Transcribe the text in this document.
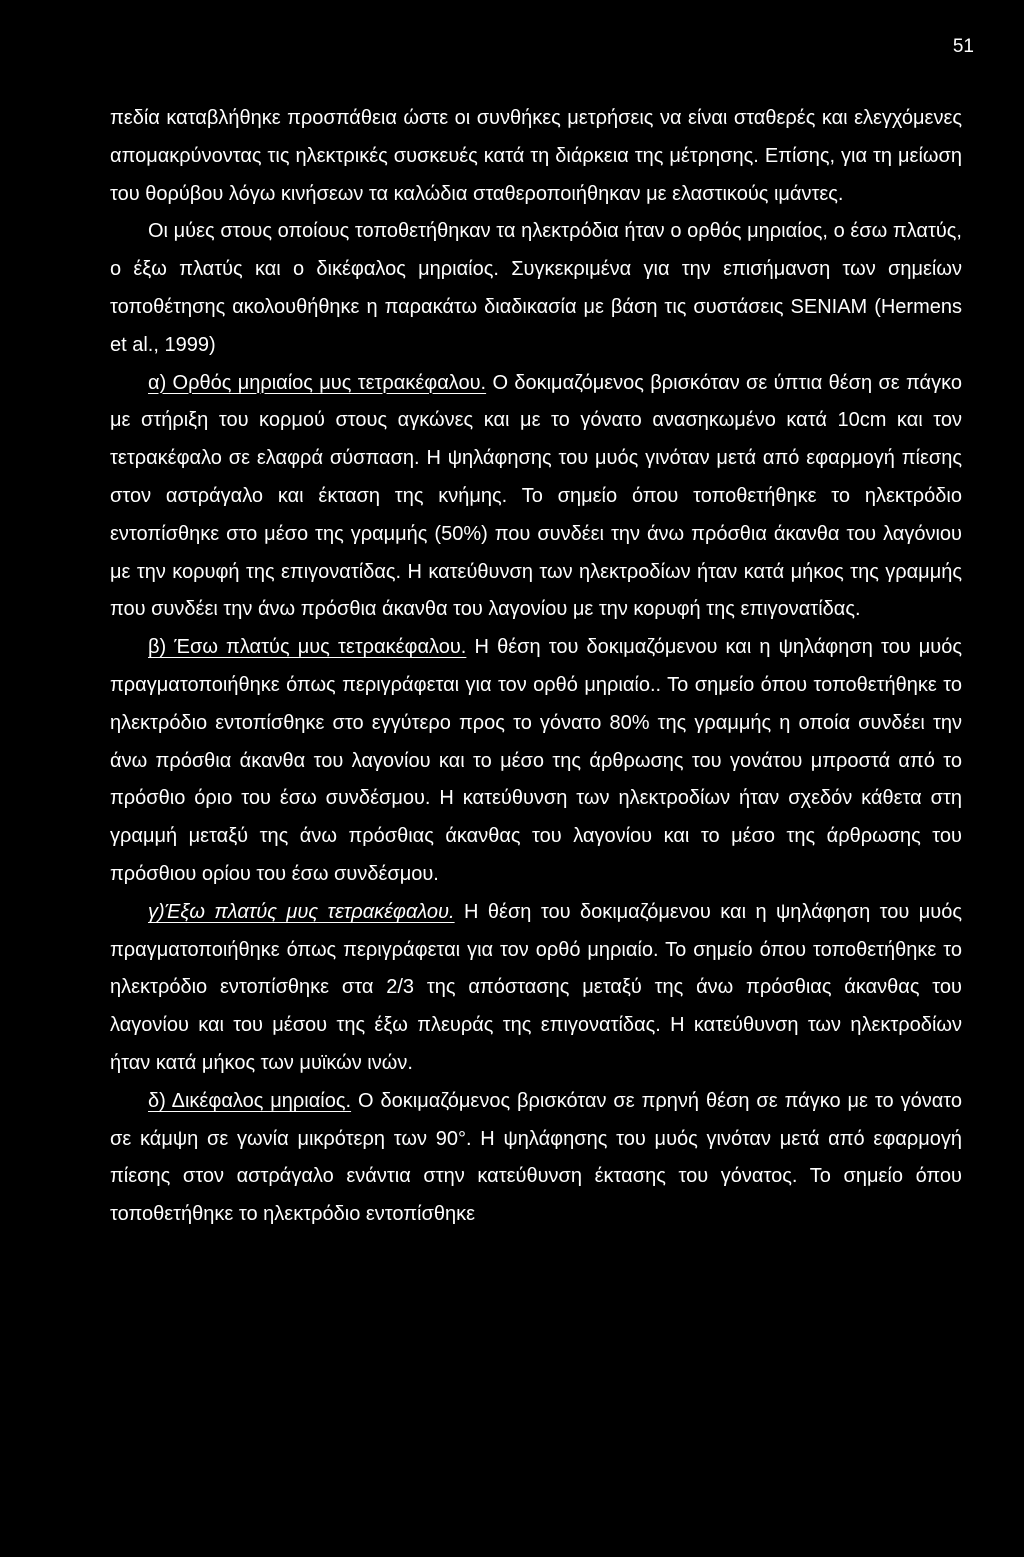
51

πεδία καταβλήθηκε προσπάθεια ώστε οι συνθήκες μετρήσεις να είναι σταθερές και ελεγχόμενες απομακρύνοντας τις ηλεκτρικές συσκευές κατά τη διάρκεια της μέτρησης. Επίσης, για τη μείωση του θορύβου λόγω κινήσεων τα καλώδια σταθεροποιήθηκαν με ελαστικούς ιμάντες.

Οι μύες στους οποίους τοποθετήθηκαν τα ηλεκτρόδια ήταν ο ορθός μηριαίος, ο έσω πλατύς, ο έξω πλατύς και ο δικέφαλος μηριαίος. Συγκεκριμένα για την επισήμανση των σημείων τοποθέτησης ακολουθήθηκε η παρακάτω διαδικασία με βάση τις συστάσεις SENIAM (Hermens et al., 1999)

α) Ορθός μηριαίος μυς τετρακέφαλου. Ο δοκιμαζόμενος βρισκόταν σε ύπτια θέση σε πάγκο με στήριξη του κορμού στους αγκώνες και με το γόνατο ανασηκωμένο κατά 10cm και τον τετρακέφαλο σε ελαφρά σύσπαση. Η ψηλάφησης του μυός γινόταν μετά από εφαρμογή πίεσης στον αστράγαλο και έκταση της κνήμης. Το σημείο όπου τοποθετήθηκε το ηλεκτρόδιο εντοπίσθηκε στο μέσο της γραμμής (50%) που συνδέει την άνω πρόσθια άκανθα του λαγόνιου με την κορυφή της επιγονατίδας. Η κατεύθυνση των ηλεκτροδίων ήταν κατά μήκος της γραμμής που συνδέει την άνω πρόσθια άκανθα του λαγονίου με την κορυφή της επιγονατίδας.

β) Έσω πλατύς μυς τετρακέφαλου. Η θέση του δοκιμαζόμενου και η ψηλάφηση του μυός πραγματοποιήθηκε όπως περιγράφεται για τον ορθό μηριαίο.. Το σημείο όπου τοποθετήθηκε το ηλεκτρόδιο εντοπίσθηκε στο εγγύτερο προς το γόνατο 80% της γραμμής η οποία συνδέει την άνω πρόσθια άκανθα του λαγονίου και το μέσο της άρθρωσης του γονάτου μπροστά από το πρόσθιο όριο του έσω συνδέσμου. Η κατεύθυνση των ηλεκτροδίων ήταν σχεδόν κάθετα στη γραμμή μεταξύ της άνω πρόσθιας άκανθας του λαγονίου και το μέσο της άρθρωσης του πρόσθιου ορίου του έσω συνδέσμου.

γ)Έξω πλατύς μυς τετρακέφαλου. Η θέση του δοκιμαζόμενου και η ψηλάφηση του μυός πραγματοποιήθηκε όπως περιγράφεται για τον ορθό μηριαίο. Το σημείο όπου τοποθετήθηκε το ηλεκτρόδιο εντοπίσθηκε στα 2/3 της απόστασης μεταξύ της άνω πρόσθιας άκανθας του λαγονίου και του μέσου της έξω πλευράς της επιγονατίδας. Η κατεύθυνση των ηλεκτροδίων ήταν κατά μήκος των μυϊκών ινών.

δ) Δικέφαλος μηριαίος. Ο δοκιμαζόμενος βρισκόταν σε πρηνή θέση σε πάγκο με το γόνατο σε κάμψη σε γωνία μικρότερη των 90°. Η ψηλάφησης του μυός γινόταν μετά από εφαρμογή πίεσης στον αστράγαλο ενάντια στην κατεύθυνση έκτασης του γόνατος. Το σημείο όπου τοποθετήθηκε το ηλεκτρόδιο εντοπίσθηκε
